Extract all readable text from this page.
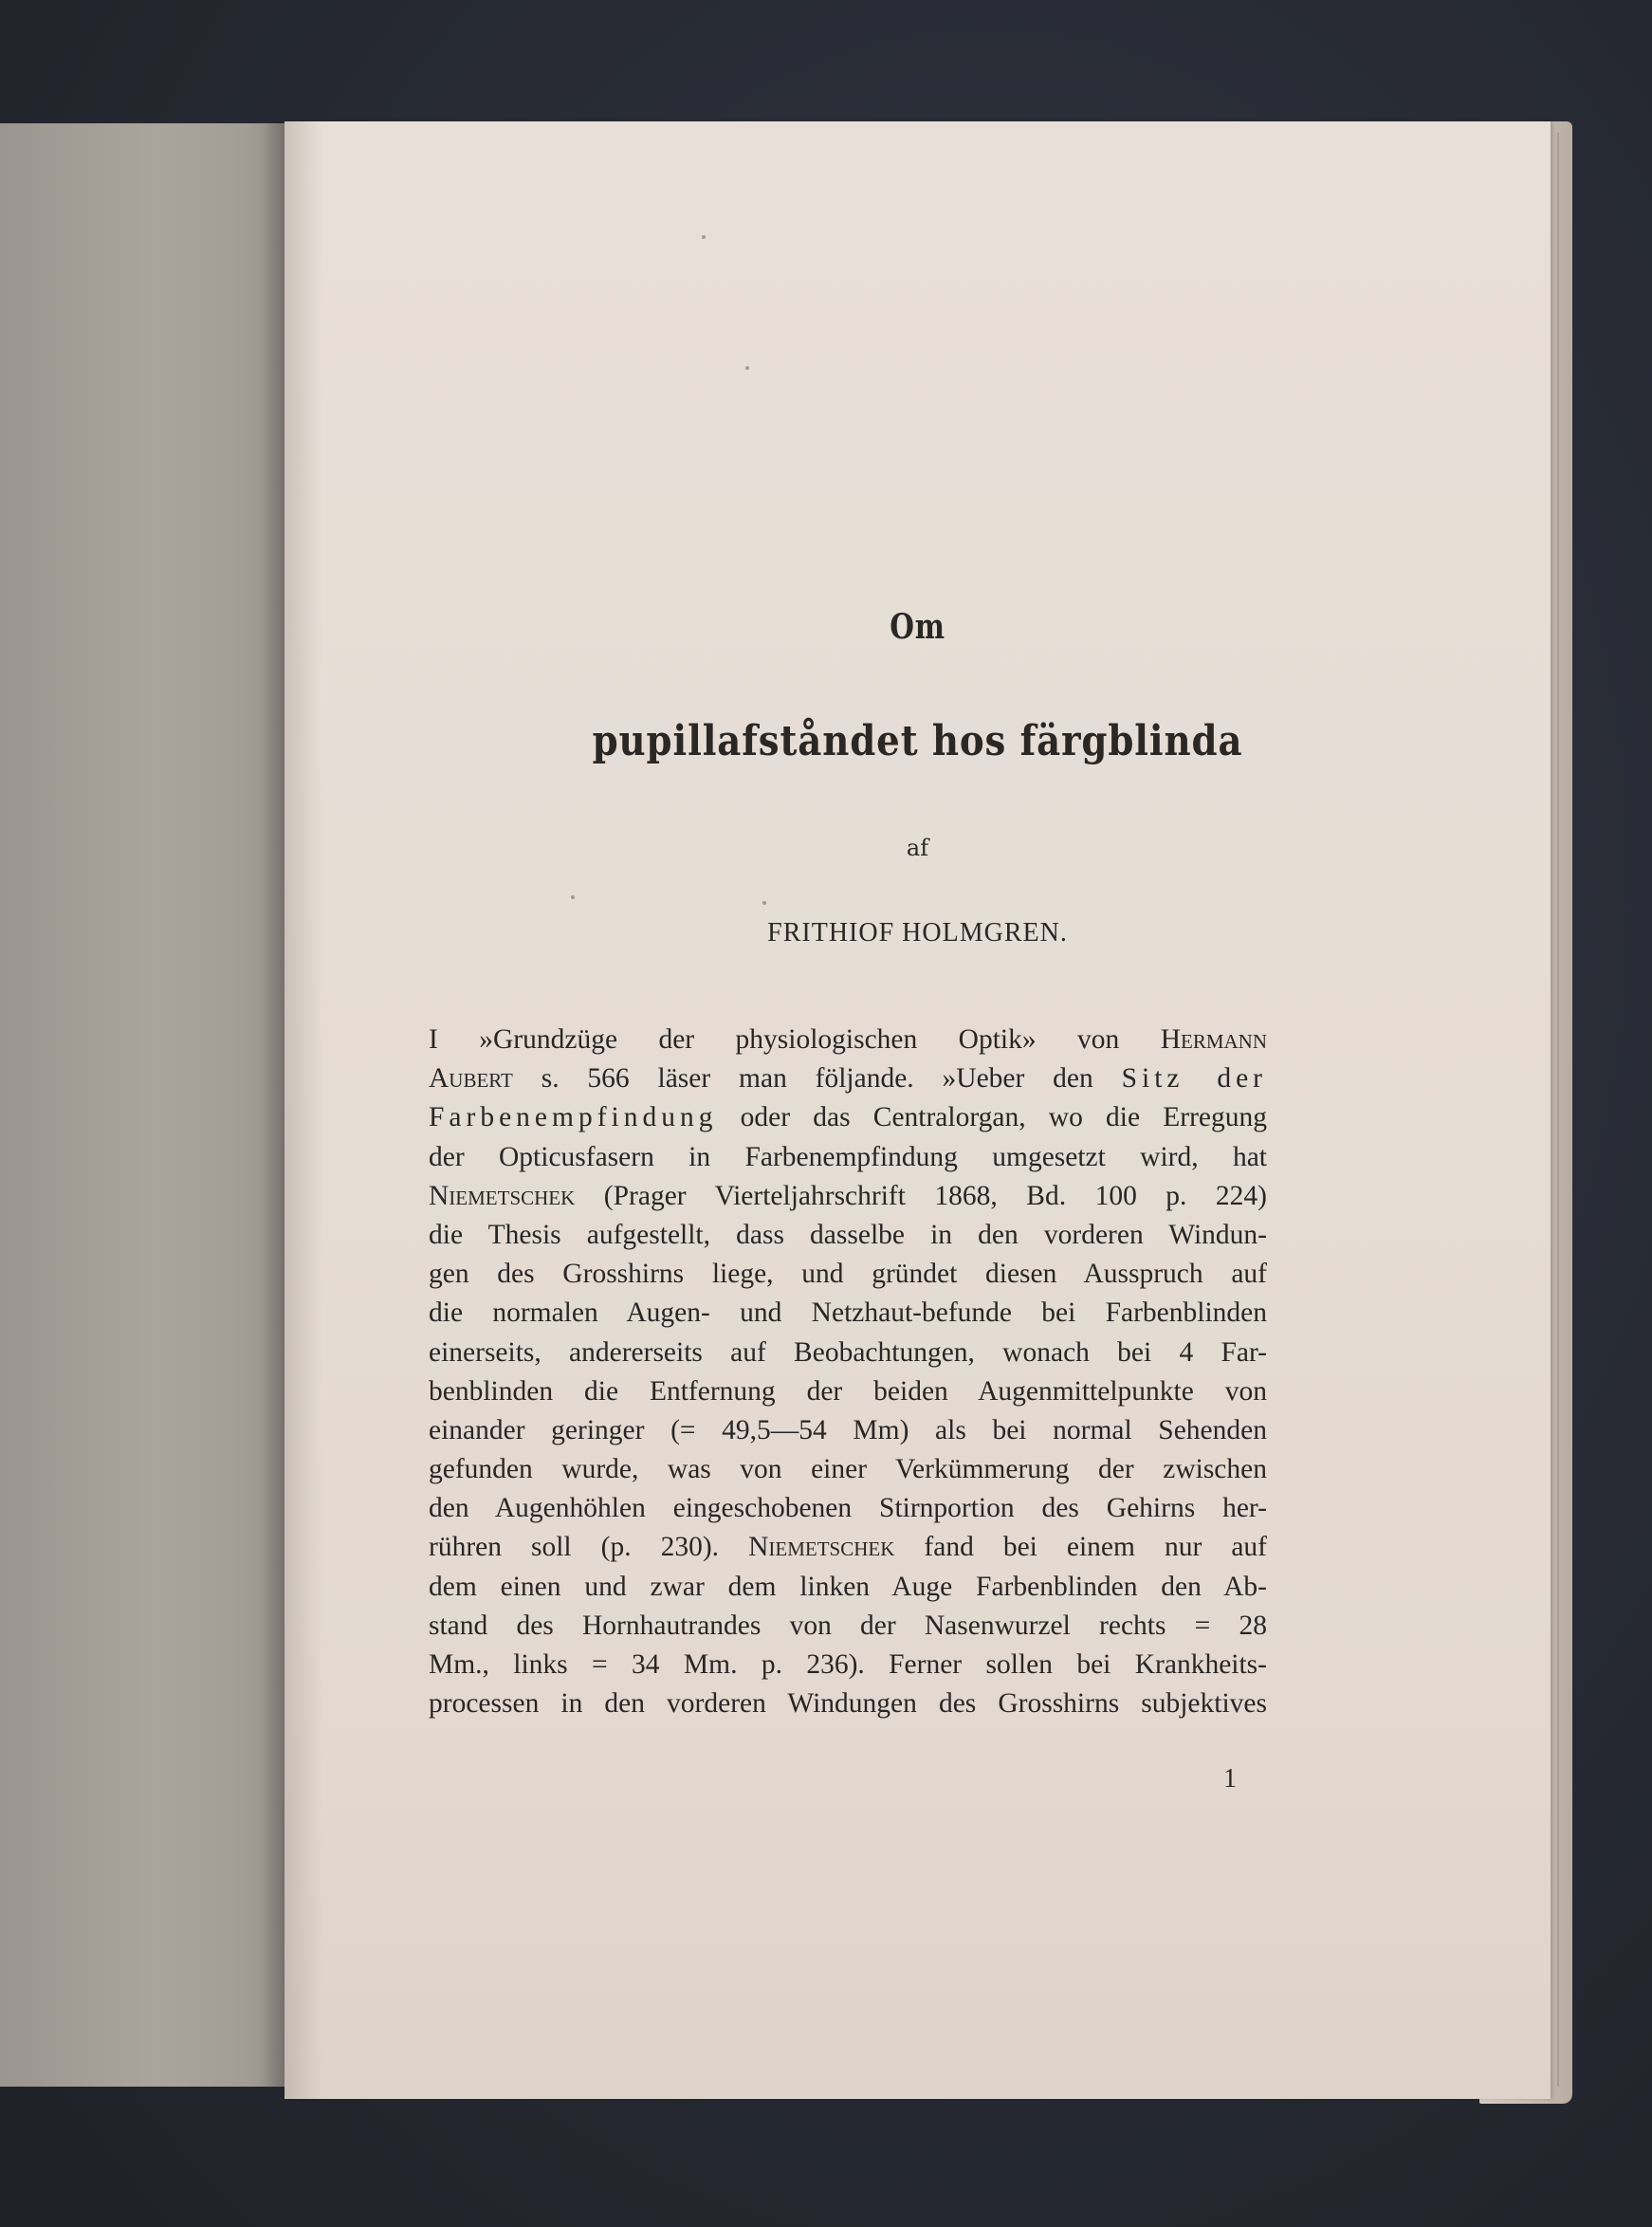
Om
pupillafståndet hos färgblinda
af
FRITHIOF HOLMGREN.
I »Grundzüge der physiologischen Optik» von Hermann
Aubert s. 566 läser man följande. »Ueber den Sitz der
Farbenempfindung oder das Centralorgan, wo die Erregung
der Opticusfasern in Farbenempfindung umgesetzt wird, hat
Niemetschek (Prager Vierteljahrschrift 1868, Bd. 100 p. 224)
die Thesis aufgestellt, dass dasselbe in den vorderen Windun-
gen des Grosshirns liege, und gründet diesen Ausspruch auf
die normalen Augen- und Netzhaut-befunde bei Farbenblinden
einerseits, andererseits auf Beobachtungen, wonach bei 4 Far-
benblinden die Entfernung der beiden Augenmittelpunkte von
einander geringer (= 49,5—54 Mm) als bei normal Sehenden
gefunden wurde, was von einer Verkümmerung der zwischen
den Augenhöhlen eingeschobenen Stirnportion des Gehirns her-
rühren soll (p. 230). Niemetschek fand bei einem nur auf
dem einen und zwar dem linken Auge Farbenblinden den Ab-
stand des Hornhautrandes von der Nasenwurzel rechts = 28
Mm., links = 34 Mm. p. 236). Ferner sollen bei Krankheits-
processen in den vorderen Windungen des Grosshirns subjektives
1
